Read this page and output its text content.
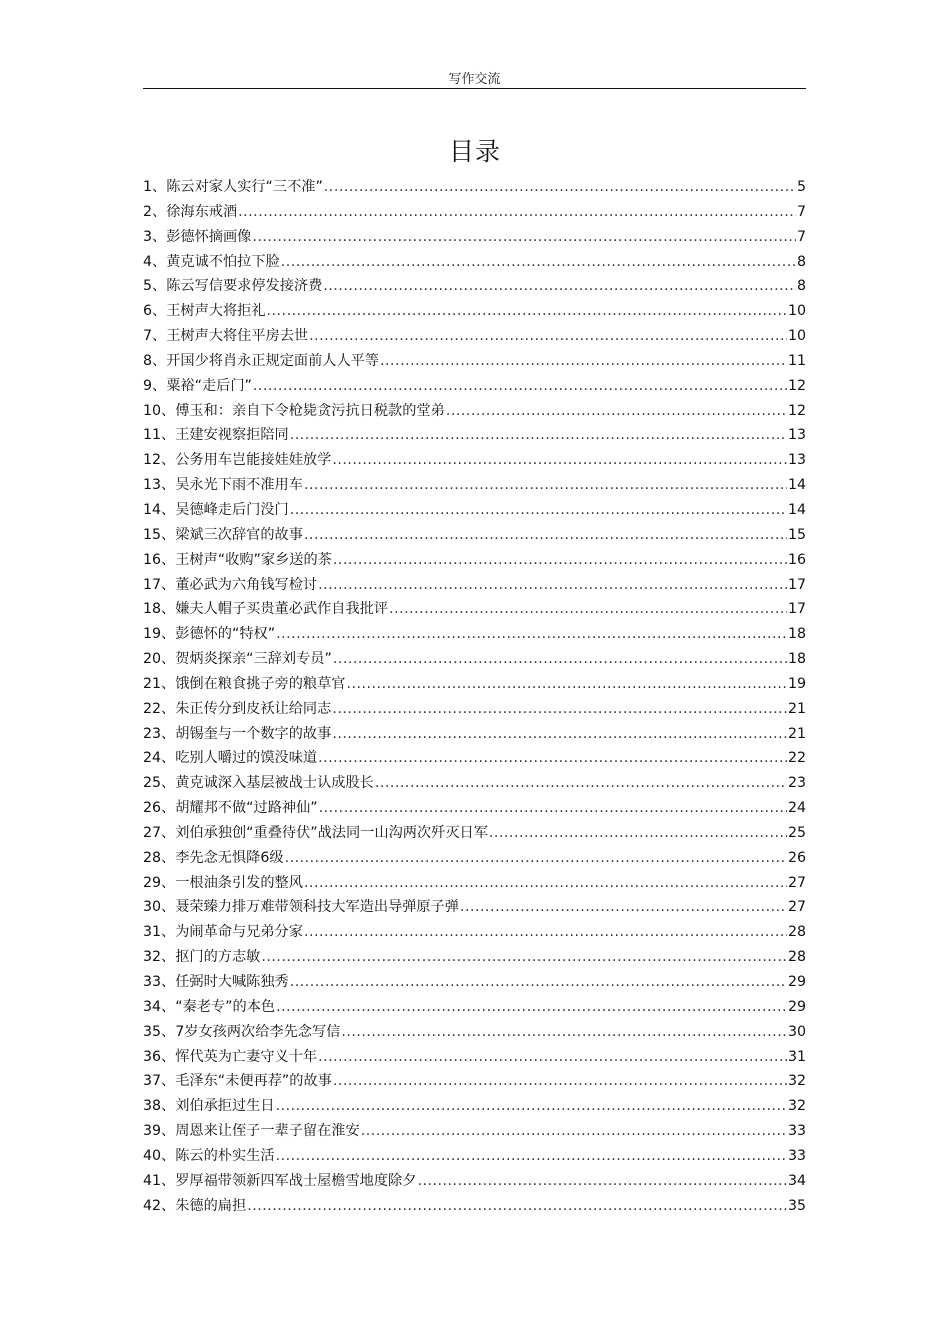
写作交流
目录
1、陈云对家人实行“三不准” .....	5
2、徐海东戒酒 .....	7
3、彭德怀摘画像 .....	7
4、黄克诚不怕拉下脸 .....	8
5、陈云写信要求停发接济费 .....	8
6、王树声大将拒礼 .....	10
7、王树声大将住平房去世 .....	10
8、开国少将肖永正规定面前人人平等 .....	11
9、粟裕“走后门” .....	12
10、傅玉和：亲自下令枪毙贪污抗日税款的堂弟 .....	12
11、王建安视察拒陪同 .....	13
12、公务用车岂能接娃娃放学 .....	13
13、吴永光下雨不准用车 .....	14
14、吴德峰走后门没门 .....	14
15、梁斌三次辞官的故事 .....	15
16、王树声“收购”家乡送的茶 .....	16
17、董必武为六角钱写检讨 .....	17
18、嫌夫人帽子买贵董必武作自我批评 .....	17
19、彭德怀的“特权” .....	18
20、贺炳炎探亲“三辞刘专员” .....	18
21、饿倒在粮食挑子旁的粮草官 .....	19
22、朱正传分到皮袄让给同志 .....	21
23、胡锡奎与一个数字的故事 .....	21
24、吃别人嚼过的馍没味道 .....	22
25、黄克诚深入基层被战士认成股长 .....	23
26、胡耀邦不做“过路神仙” .....	24
27、刘伯承独创“重叠待伏”战法同一山沟两次歼灭日军 .....	25
28、李先念无惧降6级 .....	26
29、一根油条引发的整风 .....	27
30、聂荣臻力排万难带领科技大军造出导弹原子弹 .....	27
31、为闹革命与兄弟分家 .....	28
32、抠门的方志敏 .....	28
33、任弼时大喊陈独秀 .....	29
34、“秦老专”的本色 .....	29
35、7岁女孩两次给李先念写信 .....	30
36、恽代英为亡妻守义十年 .....	31
37、毛泽东“未便再荐”的故事 .....	32
38、刘伯承拒过生日 .....	32
39、周恩来让侄子一辈子留在淮安 .....	33
40、陈云的朴实生活 .....	33
41、罗厚福带领新四军战士屋檐雪地度除夕 .....	34
42、朱德的扁担 .....	35
